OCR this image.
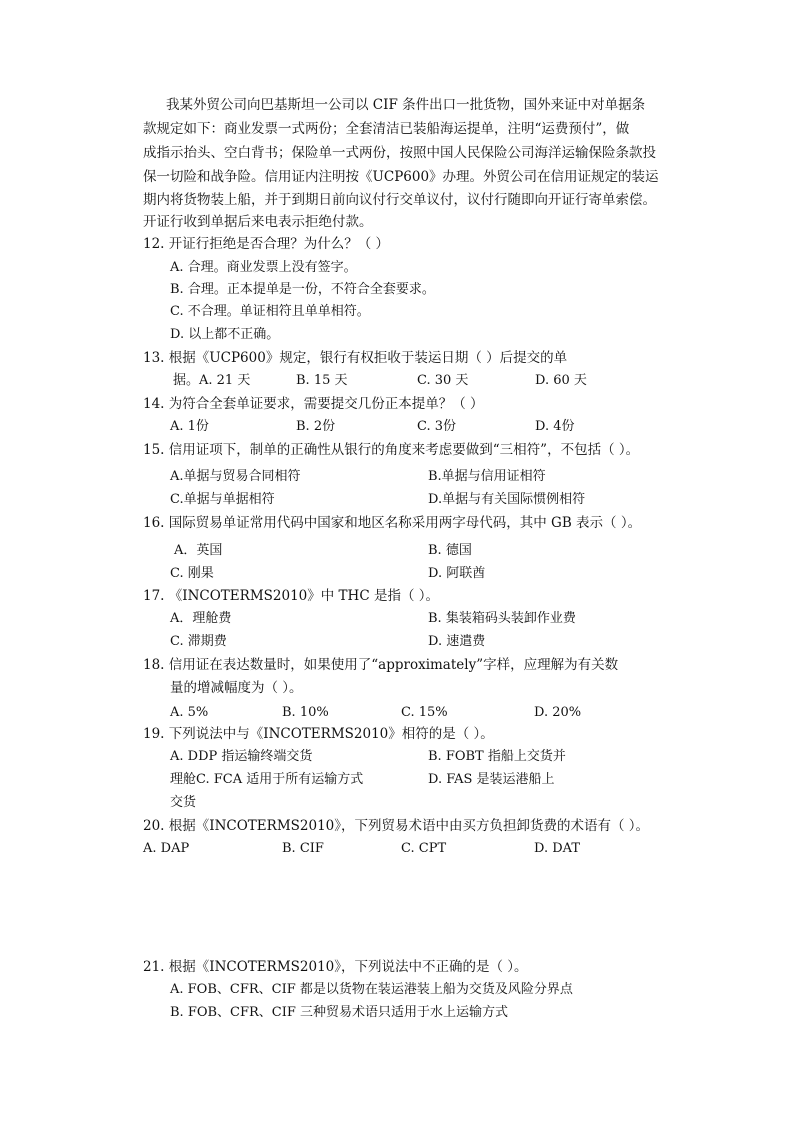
我某外贸公司向巴基斯坦一公司以 CIF 条件出口一批货物，国外来证中对单据条
款规定如下：商业发票一式两份；全套清洁已装船海运提单，注明“运费预付”，做
成指示抬头、空白背书；保险单一式两份，按照中国人民保险公司海洋运输保险条款投
保一切险和战争险。信用证内注明按《UCP600》办理。外贸公司在信用证规定的装运
期内将货物装上船，并于到期日前向议付行交单议付，议付行随即向开证行寄单索偿。
开证行收到单据后来电表示拒绝付款。
12. 开证行拒绝是否合理？为什么？（ ）
A. 合理。商业发票上没有签字。
B. 合理。正本提单是一份，不符合全套要求。
C. 不合理。单证相符且单单相符。
D. 以上都不正确。
13. 根据《UCP600》规定，银行有权拒收于装运日期（ ）后提交的单
据。A. 21 天	B. 15 天	C. 30 天	D. 60 天
14. 为符合全套单证要求，需要提交几份正本提单？（ ）
A. 1份	B. 2份	C. 3份	D. 4份
15. 信用证项下，制单的正确性从银行的角度来考虑要做到“三相符”，不包括（ ）。
A.单据与贸易合同相符	B.单据与信用证相符
C.单据与单据相符	D.单据与有关国际惯例相符
16. 国际贸易单证常用代码中国家和地区名称采用两字母代码，其中 GB 表示（ ）。
A．英国	B. 德国
C. 刚果	D. 阿联酋
17. 《INCOTERMS2010》中 THC 是指（ ）。
A．理舱费	B. 集装箱码头装卸作业费
C. 滞期费	D. 速遣费
18. 信用证在表达数量时，如果使用了“approximately”字样，应理解为有关数
量的增减幅度为（ ）。
A. 5%	B. 10%	C. 15%	D. 20%
19. 下列说法中与《INCOTERMS2010》相符的是（ ）。
A. DDP 指运输终端交货	B. FOBT 指船上交货并
理舱C. FCA 适用于所有运输方式	D. FAS 是装运港船上
交货
20. 根据《INCOTERMS2010》，下列贸易术语中由买方负担卸货费的术语有（ ）。
A. DAP	B. CIF	C. CPT	D. DAT
21. 根据《INCOTERMS2010》，下列说法中不正确的是（ ）。
A. FOB、CFR、CIF 都是以货物在装运港装上船为交货及风险分界点
B. FOB、CFR、CIF 三种贸易术语只适用于水上运输方式
